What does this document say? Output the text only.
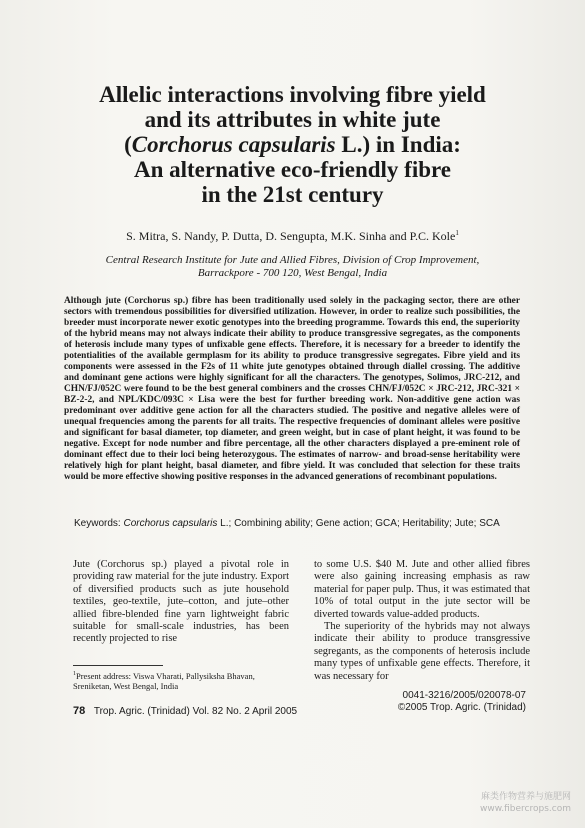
Allelic interactions involving fibre yield
and its attributes in white jute
(Corchorus capsularis L.) in India:
An alternative eco-friendly fibre
in the 21st century
S. Mitra, S. Nandy, P. Dutta, D. Sengupta, M.K. Sinha and P.C. Kole$^1$
Central Research Institute for Jute and Allied Fibres, Division of Crop Improvement,
Barrackpore - 700 120, West Bengal, India
Although jute (Corchorus sp.) fibre has been traditionally used solely in the packaging sector, there are other sectors with tremendous possibilities for diversified utilization. However, in order to realize such possibilities, the breeder must incorporate newer exotic genotypes into the breeding programme. Towards this end, the superiority of the hybrid means may not always indicate their ability to produce transgressive segregates, as the components of heterosis include many types of unfixable gene effects. Therefore, it is necessary for a breeder to identify the potentialities of the available germplasm for its ability to produce transgressive segregates. Fibre yield and its components were assessed in the F2s of 11 white jute genotypes obtained through diallel crossing. The additive and dominant gene actions were highly significant for all the characters. The genotypes, Solimos, JRC-212, and CHN/FJ/052C were found to be the best general combiners and the crosses CHN/FJ/052C × JRC-212, JRC-321 × BZ-2-2, and NPL/KDC/093C × Lisa were the best for further breeding work. Non-additive gene action was predominant over additive gene action for all the characters studied. The positive and negative alleles were of unequal frequencies among the parents for all traits. The respective frequencies of dominant alleles were positive and significant for basal diameter, top diameter, and green weight, but in case of plant height, it was found to be negative. Except for node number and fibre percentage, all the other characters displayed a pre-eminent role of dominant effect due to their loci being heterozygous. The estimates of narrow- and broad-sense heritability were relatively high for plant height, basal diameter, and fibre yield. It was concluded that selection for these traits would be more effective showing positive responses in the advanced generations of recombinant populations.
Keywords: Corchorus capsularis L.; Combining ability; Gene action; GCA; Heritability; Jute; SCA

Jute (Corchorus sp.) played a pivotal role in providing raw material for the jute industry. Export of diversified products such as jute household textiles, geo-textile, jute–cotton, and jute–other allied fibre-blended fine yarn lightweight fabric suitable for small-scale industries, has been recently projected to rise

to some U.S. $40 M. Jute and other allied fibres were also gaining increasing emphasis as raw material for paper pulp. Thus, it was estimated that 10% of total output in the jute sector will be diverted towards value-added products.

The superiority of the hybrids may not always indicate their ability to produce transgressive segregants, as the components of heterosis include many types of unfixable gene effects. Therefore, it was necessary for

$^1$Present address: Viswa Vharati, Pallysiksha Bhavan, Sreniketan, West Bengal, India
0041-3216/2005/020078-07
©2005 Trop. Agric. (Trinidad)
78 Trop. Agric. (Trinidad) Vol. 82 No. 2 April 2005
麻类作物营养与施肥网
www.fibercrops.com
